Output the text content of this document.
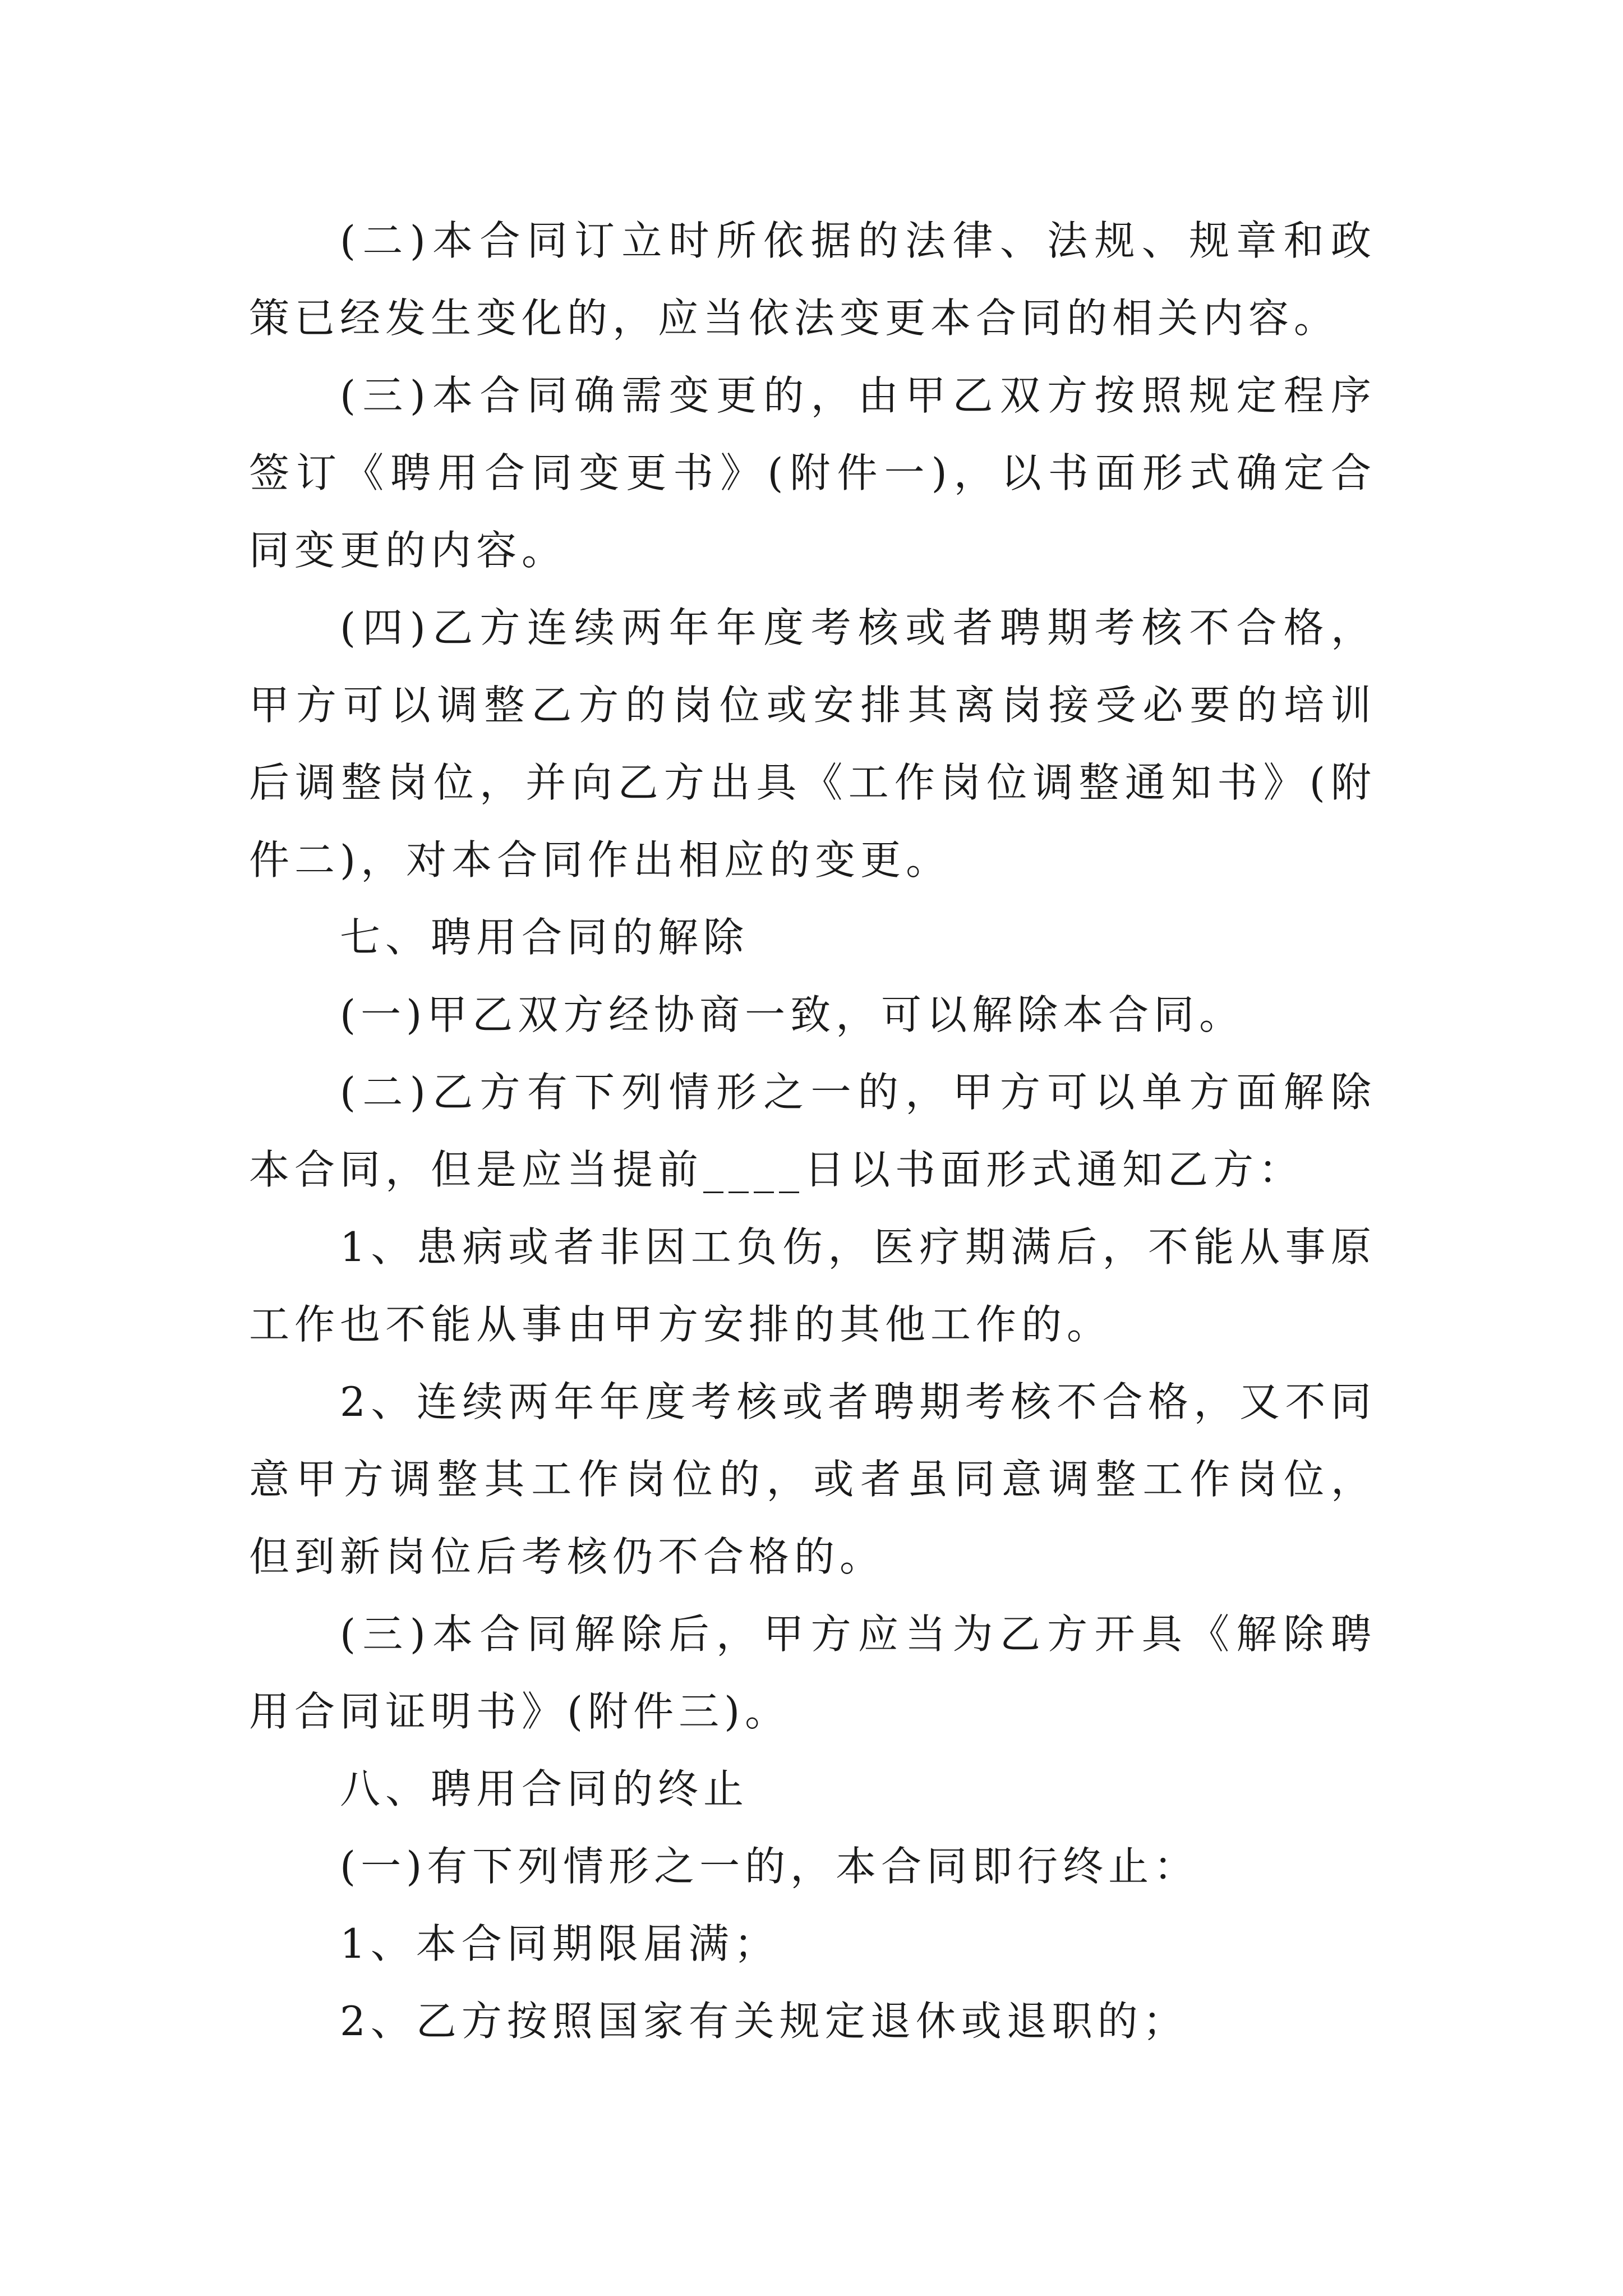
(二)本合同订立时所依据的法律、法规、规章和政策已经发生变化的，应当依法变更本合同的相关内容。

(三)本合同确需变更的，由甲乙双方按照规定程序签订《聘用合同变更书》(附件一)，以书面形式确定合同变更的内容。

(四)乙方连续两年年度考核或者聘期考核不合格，甲方可以调整乙方的岗位或安排其离岗接受必要的培训后调整岗位，并向乙方出具《工作岗位调整通知书》(附件二)，对本合同作出相应的变更。

七、聘用合同的解除

(一)甲乙双方经协商一致，可以解除本合同。

(二)乙方有下列情形之一的，甲方可以单方面解除本合同，但是应当提前____日以书面形式通知乙方：

1、患病或者非因工负伤，医疗期满后，不能从事原工作也不能从事由甲方安排的其他工作的。

2、连续两年年度考核或者聘期考核不合格，又不同意甲方调整其工作岗位的，或者虽同意调整工作岗位，但到新岗位后考核仍不合格的。

(三)本合同解除后，甲方应当为乙方开具《解除聘用合同证明书》(附件三)。

八、聘用合同的终止

(一)有下列情形之一的，本合同即行终止：

1、本合同期限届满；

2、乙方按照国家有关规定退休或退职的；
